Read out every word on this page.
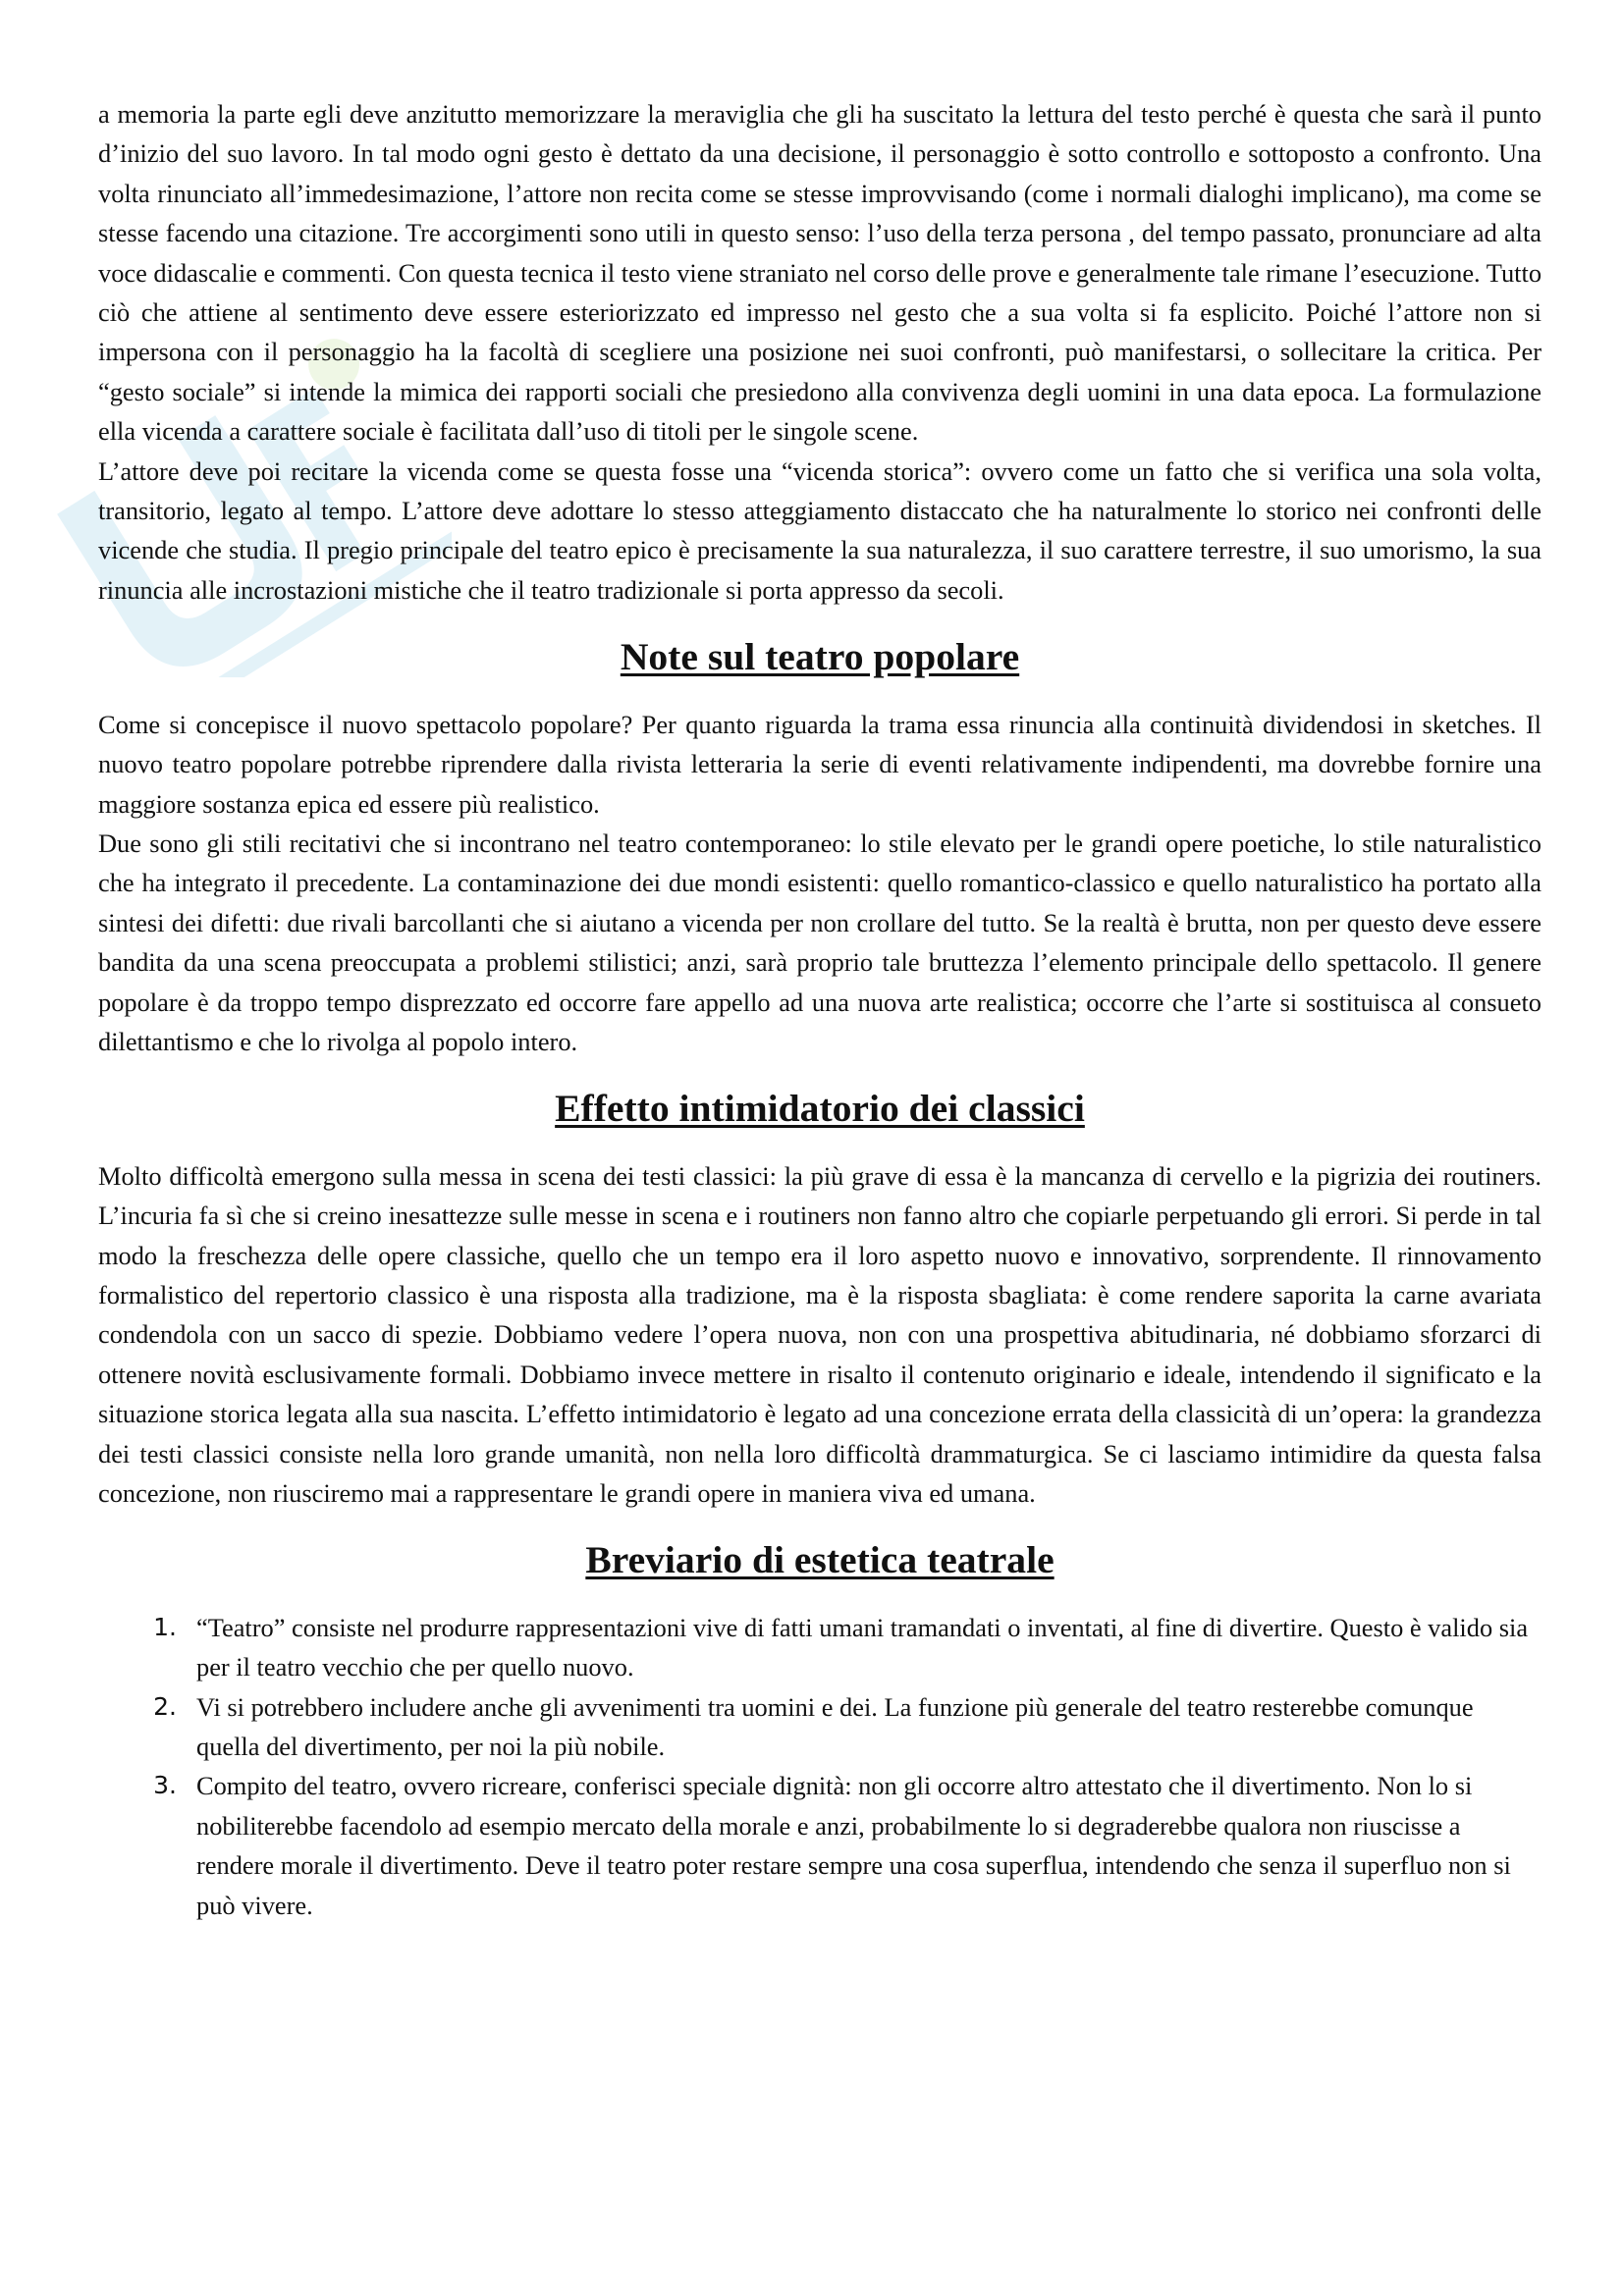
a memoria la parte egli deve anzitutto memorizzare la meraviglia che gli ha suscitato la lettura del testo perché è questa che sarà il punto d’inizio del suo lavoro. In tal modo ogni gesto è dettato da una decisione, il personaggio è sotto controllo e sottoposto a confronto. Una volta rinunciato all’immedesimazione, l’attore non recita come se stesse improvvisando (come i normali dialoghi implicano), ma come se stesse facendo una citazione. Tre accorgimenti sono utili in questo senso: l’uso della terza persona , del tempo passato, pronunciare ad alta voce didascalie e commenti. Con questa tecnica il testo viene straniato nel corso delle prove e generalmente tale rimane l’esecuzione. Tutto ciò che attiene al sentimento deve essere esteriorizzato ed impresso nel gesto che a sua volta si fa esplicito. Poiché l’attore non si impersona con il personaggio ha la facoltà di scegliere una posizione nei suoi confronti, può manifestarsi, o sollecitare la critica. Per “gesto sociale” si intende la mimica dei rapporti sociali che presiedono alla convivenza degli uomini in una data epoca. La formulazione ella vicenda a carattere sociale è facilitata dall’uso di titoli per le singole scene.

L’attore deve poi recitare la vicenda come se questa fosse una “vicenda storica”: ovvero come un fatto che si verifica una sola volta, transitorio, legato al tempo. L’attore deve adottare lo stesso atteggiamento distaccato che ha naturalmente lo storico nei confronti delle vicende che studia. Il pregio principale del teatro epico è precisamente la sua naturalezza, il suo carattere terrestre, il suo umorismo, la sua rinuncia alle incrostazioni mistiche che il teatro tradizionale si porta appresso da secoli.

Note sul teatro popolare

Come si concepisce il nuovo spettacolo popolare? Per quanto riguarda la trama essa rinuncia alla continuità dividendosi in sketches. Il nuovo teatro popolare potrebbe riprendere dalla rivista letteraria la serie di eventi relativamente indipendenti, ma dovrebbe fornire una maggiore sostanza epica ed essere più realistico.

Due sono gli stili recitativi che si incontrano nel teatro contemporaneo: lo stile elevato per le grandi opere poetiche, lo stile naturalistico che ha integrato il precedente. La contaminazione dei due mondi esistenti: quello romantico-classico e quello naturalistico ha portato alla sintesi dei difetti: due rivali barcollanti che si aiutano a vicenda per non crollare del tutto. Se la realtà è brutta, non per questo deve essere bandita da una scena preoccupata a problemi stilistici; anzi, sarà proprio tale bruttezza l’elemento principale dello spettacolo. Il genere popolare è da troppo tempo disprezzato ed occorre fare appello ad una nuova arte realistica; occorre che l’arte si sostituisca al consueto dilettantismo e che lo rivolga al popolo intero.

Effetto intimidatorio dei classici

Molto difficoltà emergono sulla messa in scena dei testi classici: la più grave di essa è la mancanza di cervello e la pigrizia dei routiners. L’incuria fa sì che si creino inesattezze sulle messe in scena e i routiners non fanno altro che copiarle perpetuando gli errori. Si perde in tal modo la freschezza delle opere classiche, quello che un tempo era il loro aspetto nuovo e innovativo, sorprendente. Il rinnovamento formalistico del repertorio classico è una risposta alla tradizione, ma è la risposta sbagliata: è come rendere saporita la carne avariata condendola con un sacco di spezie. Dobbiamo vedere l’opera nuova, non con una prospettiva abitudinaria, né dobbiamo sforzarci di ottenere novità esclusivamente formali. Dobbiamo invece mettere in risalto il contenuto originario e ideale, intendendo il significato e la situazione storica legata alla sua nascita. L’effetto intimidatorio è legato ad una concezione errata della classicità di un’opera: la grandezza dei testi classici consiste nella loro grande umanità, non nella loro difficoltà drammaturgica. Se ci lasciamo intimidire da questa falsa concezione, non riusciremo mai a rappresentare le grandi opere in maniera viva ed umana.

Breviario di estetica teatrale
1. “Teatro” consiste nel produrre rappresentazioni vive di fatti umani tramandati o inventati, al fine di divertire. Questo è valido sia per il teatro vecchio che per quello nuovo.
2. Vi si potrebbero includere anche gli avvenimenti tra uomini e dei. La funzione più generale del teatro resterebbe comunque quella del divertimento, per noi la più nobile.
3. Compito del teatro, ovvero ricreare, conferisci speciale dignità: non gli occorre altro attestato che il divertimento. Non lo si nobiliterebbe facendolo ad esempio mercato della morale e anzi, probabilmente lo si degraderebbe qualora non riuscisse a rendere morale il divertimento. Deve il teatro poter restare sempre una cosa superflua, intendendo che senza il superfluo non si può vivere.
